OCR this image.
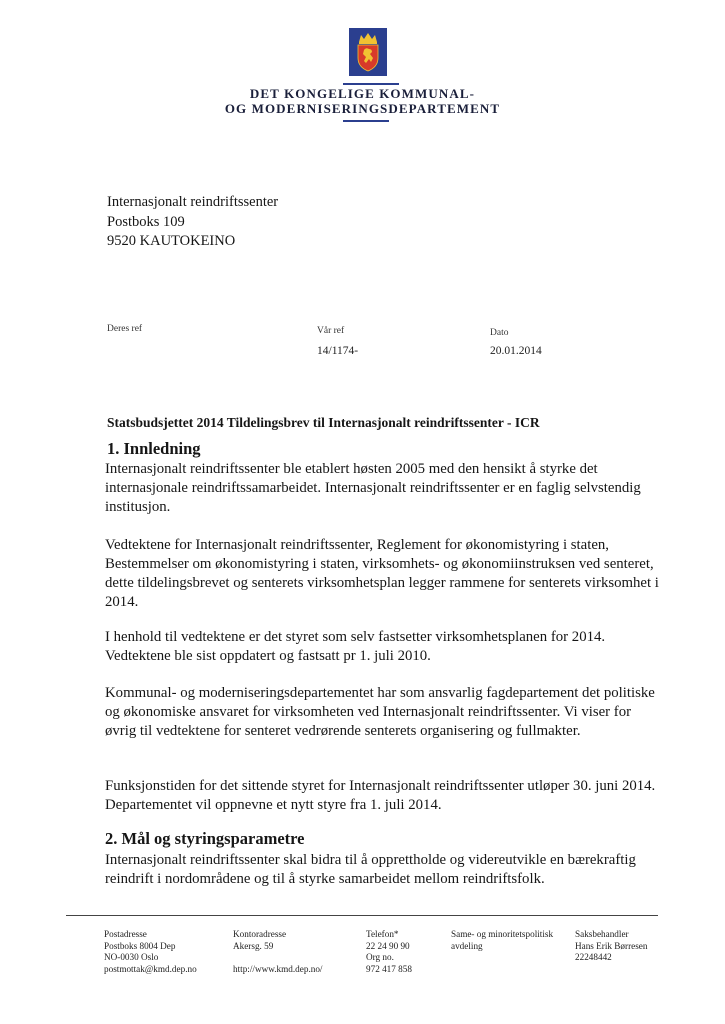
DET KONGELIGE KOMMUNAL-
OG MODERNISERINGSDEPARTEMENT
Internasjonalt reindriftssenter
Postboks 109
9520 KAUTOKEINO
Deres ref	Vår ref
14/1174-
Dato
20.01.2014
Statsbudsjettet 2014 Tildelingsbrev til Internasjonalt reindriftssenter - ICR
1. Innledning

Internasjonalt reindriftssenter ble etablert høsten 2005 med den hensikt å styrke det internasjonale reindriftssamarbeidet. Internasjonalt reindriftssenter er en faglig selvstendig institusjon.

Vedtektene for Internasjonalt reindriftssenter, Reglement for økonomistyring i staten, Bestemmelser om økonomistyring i staten, virksomhets- og økonomiinstruksen ved senteret, dette tildelingsbrevet og senterets virksomhetsplan legger rammene for senterets virksomhet i 2014.

I henhold til vedtektene er det styret som selv fastsetter virksomhetsplanen for 2014. Vedtektene ble sist oppdatert og fastsatt pr 1. juli 2010.

Kommunal- og moderniseringsdepartementet har som ansvarlig fagdepartement det politiske og økonomiske ansvaret for virksomheten ved Internasjonalt reindriftssenter. Vi viser for øvrig til vedtektene for senteret vedrørende senterets organisering og fullmakter.

Funksjonstiden for det sittende styret for Internasjonalt reindriftssenter utløper 30. juni 2014. Departementet vil oppnevne et nytt styre fra 1. juli 2014.

2. Mål og styringsparametre

Internasjonalt reindriftssenter skal bidra til å opprettholde og videreutvikle en bærekraftig reindrift i nordområdene og til å styrke samarbeidet mellom reindriftsfolk.

Postadresse
Postboks 8004 Dep
NO-0030 Oslo
postmottak@kmd.dep.no
Kontoradresse
Akersg. 59
http://www.kmd.dep.no/
Telefon*
22 24 90 90
Org no.
972 417 858
Same- og minoritetspolitisk
avdeling
Saksbehandler
Hans Erik Børresen
22248442
